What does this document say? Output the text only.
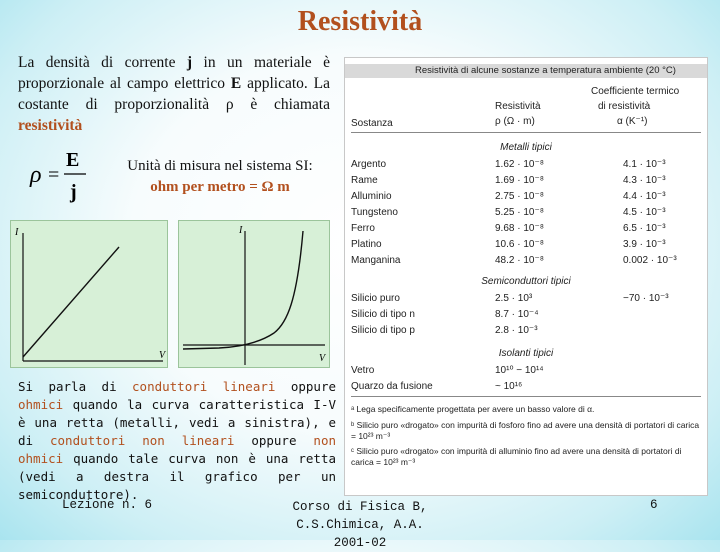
Resistività
La densità di corrente j in un materiale è proporzionale al campo elettrico E applicato. La costante di proporzionalità ρ è chiamata resistività
ρ =
E
j
Unità di misura nel sistema SI:
ohm per metro = Ω m
I
V
I
V
Si parla di conduttori lineari oppure ohmici quando la curva caratteristica I-V è una retta (metalli, vedi a sinistra), e di conduttori non lineari oppure non ohmici quando tale curva non è una retta (vedi a destra il grafico per un semiconduttore).
Lezione n. 6	Corso di Fisica B, C.S.Chimica, A.A.
2001-02
6
Resistività di alcune sostanze a temperatura ambiente (20 °C)
Coefficiente termico
Resistività	di resistività
Sostanza	ρ (Ω · m)	α (K⁻¹)
Metalli tipici
Argento	1.62 · 10⁻⁸	4.1 · 10⁻³
Rame	1.69 · 10⁻⁸	4.3 · 10⁻³
Alluminio	2.75 · 10⁻⁸	4.4 · 10⁻³
Tungsteno	5.25 · 10⁻⁸	4.5 · 10⁻³
Ferro	9.68 · 10⁻⁸	6.5 · 10⁻³
Platino	10.6 · 10⁻⁸	3.9 · 10⁻³
Manganina	48.2 · 10⁻⁸	0.002 · 10⁻³
Semiconduttori tipici
Silicio puro	2.5 · 10³	−70 · 10⁻³
Silicio di tipo n	8.7 · 10⁻⁴
Silicio di tipo p	2.8 · 10⁻³
Isolanti tipici
Vetro	10¹⁰ − 10¹⁴
Quarzo da fusione	~ 10¹⁶
ᵃ Lega specificamente progettata per avere un basso valore di α.
ᵇ Silicio puro «drogato» con impurità di fosforo fino ad avere una densità di portatori di carica = 10²³ m⁻³
ᶜ Silicio puro «drogato» con impurità di alluminio fino ad avere una densità di portatori di carica = 10²³ m⁻³
